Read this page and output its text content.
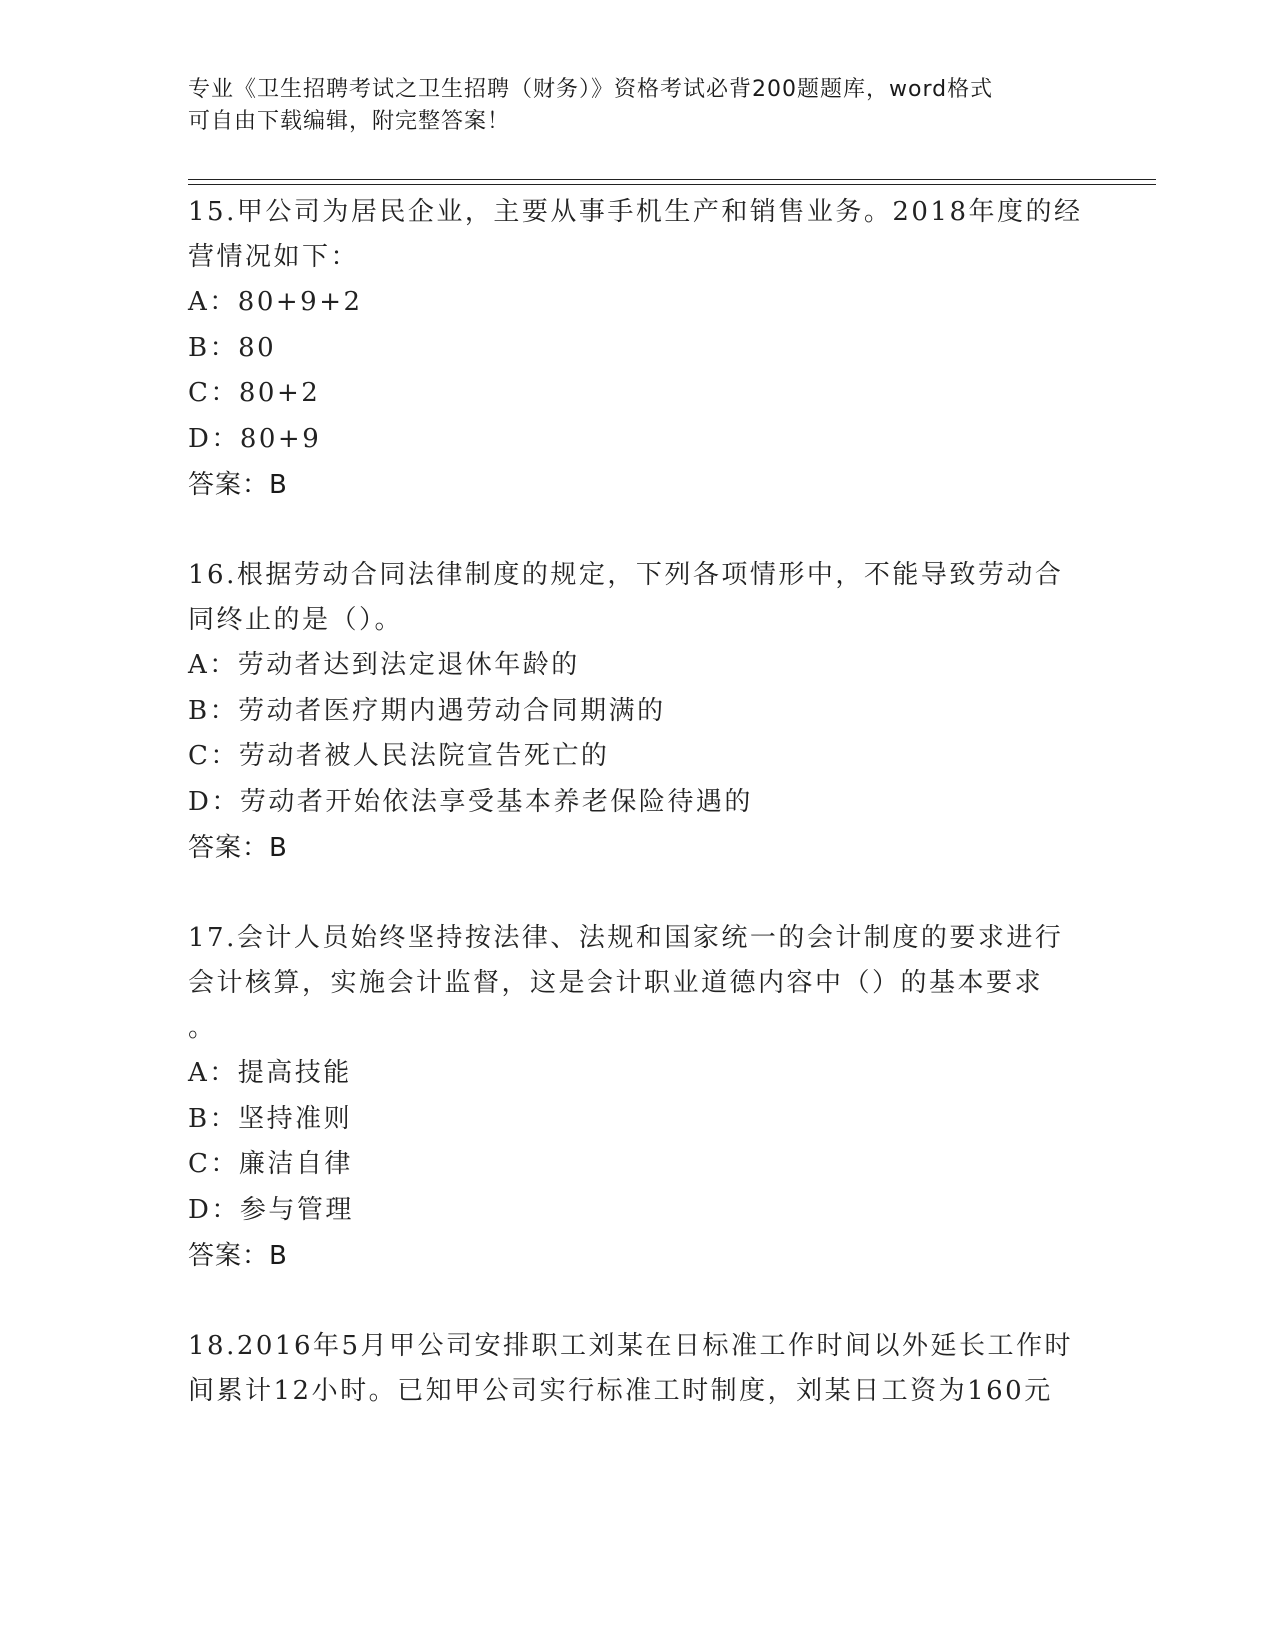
专业《卫生招聘考试之卫生招聘（财务）》资格考试必背200题题库，word格式
可自由下载编辑，附完整答案！

15.甲公司为居民企业，主要从事手机生产和销售业务。2018年度的经

营情况如下：

A：80+9+2

B：80

C：80+2

D：80+9

答案：B

16.根据劳动合同法律制度的规定，下列各项情形中，不能导致劳动合

同终止的是（）。

A：劳动者达到法定退休年龄的

B：劳动者医疗期内遇劳动合同期满的

C：劳动者被人民法院宣告死亡的

D：劳动者开始依法享受基本养老保险待遇的

答案：B

17.会计人员始终坚持按法律、法规和国家统一的会计制度的要求进行

会计核算，实施会计监督，这是会计职业道德内容中（）的基本要求

。

A：提高技能

B：坚持准则

C：廉洁自律

D：参与管理

答案：B

18.2016年5月甲公司安排职工刘某在日标准工作时间以外延长工作时

间累计12小时。已知甲公司实行标准工时制度，刘某日工资为160元
